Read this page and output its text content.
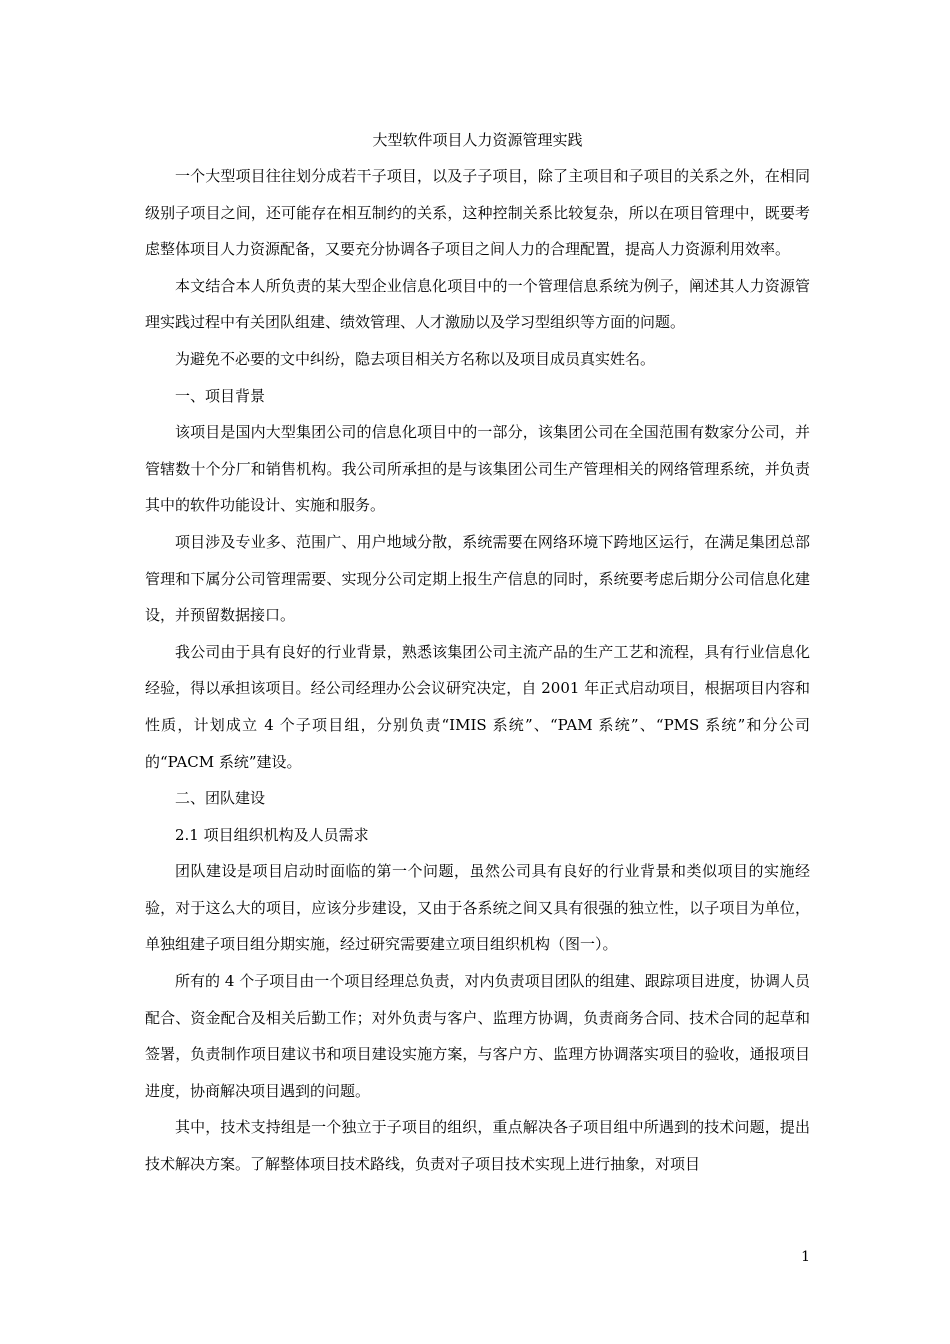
大型软件项目人力资源管理实践

一个大型项目往往划分成若干子项目，以及子子项目，除了主项目和子项目的关系之外，在相同级别子项目之间，还可能存在相互制约的关系，这种控制关系比较复杂，所以在项目管理中，既要考虑整体项目人力资源配备，又要充分协调各子项目之间人力的合理配置，提高人力资源利用效率。

本文结合本人所负责的某大型企业信息化项目中的一个管理信息系统为例子，阐述其人力资源管理实践过程中有关团队组建、绩效管理、人才激励以及学习型组织等方面的问题。

为避免不必要的文中纠纷，隐去项目相关方名称以及项目成员真实姓名。

一、项目背景

该项目是国内大型集团公司的信息化项目中的一部分，该集团公司在全国范围有数家分公司，并管辖数十个分厂和销售机构。我公司所承担的是与该集团公司生产管理相关的网络管理系统，并负责其中的软件功能设计、实施和服务。

项目涉及专业多、范围广、用户地域分散，系统需要在网络环境下跨地区运行，在满足集团总部管理和下属分公司管理需要、实现分公司定期上报生产信息的同时，系统要考虑后期分公司信息化建设，并预留数据接口。

我公司由于具有良好的行业背景，熟悉该集团公司主流产品的生产工艺和流程，具有行业信息化经验，得以承担该项目。经公司经理办公会议研究决定，自 2001 年正式启动项目，根据项目内容和性质，计划成立 4 个子项目组，分别负责“IMIS 系统”、“PAM 系统”、“PMS 系统”和分公司的“PACM 系统”建设。

二、团队建设

2.1 项目组织机构及人员需求

团队建设是项目启动时面临的第一个问题，虽然公司具有良好的行业背景和类似项目的实施经验，对于这么大的项目，应该分步建设，又由于各系统之间又具有很强的独立性，以子项目为单位，单独组建子项目组分期实施，经过研究需要建立项目组织机构（图一）。

所有的 4 个子项目由一个项目经理总负责，对内负责项目团队的组建、跟踪项目进度，协调人员配合、资金配合及相关后勤工作；对外负责与客户、监理方协调，负责商务合同、技术合同的起草和签署，负责制作项目建议书和项目建设实施方案，与客户方、监理方协调落实项目的验收，通报项目进度，协商解决项目遇到的问题。

其中，技术支持组是一个独立于子项目的组织，重点解决各子项目组中所遇到的技术问题，提出技术解决方案。了解整体项目技术路线，负责对子项目技术实现上进行抽象，对项目

1
